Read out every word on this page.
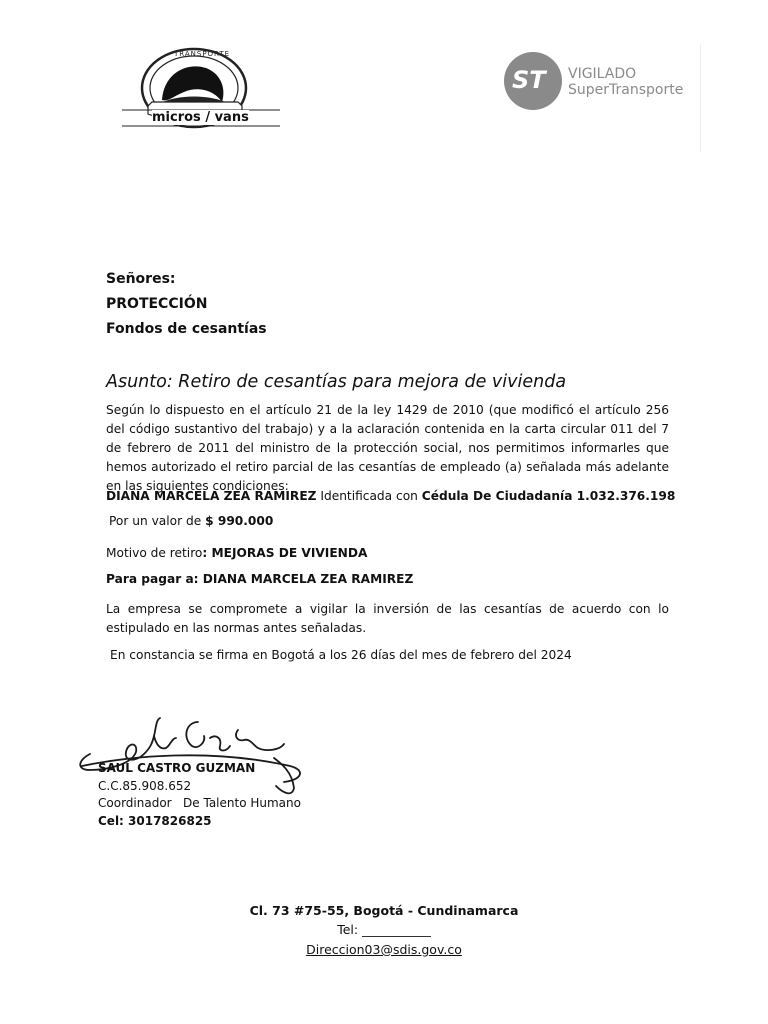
TRANSPORTE
micros / vans
ST VIGILADO
SuperTransporte
Señores:
PROTECCIÓN
Fondos de cesantías
Asunto: Retiro de cesantías para mejora de vivienda
Según lo dispuesto en el artículo 21 de la ley 1429 de 2010 (que modificó el artículo 256 del código sustantivo del trabajo) y a la aclaración contenida en la carta circular 011 del 7 de febrero de 2011 del ministro de la protección social, nos permitimos informarles que hemos autorizado el retiro parcial de las cesantías de empleado (a) señalada más adelante en las siguientes condiciones:
DIANA MARCELA ZEA RAMIREZ Identificada con Cédula De Ciudadanía 1.032.376.198
Por un valor de $ 990.000
Motivo de retiro: MEJORAS DE VIVIENDA
Para pagar a: DIANA MARCELA ZEA RAMIREZ
La empresa se compromete a vigilar la inversión de las cesantías de acuerdo con lo estipulado en las normas antes señaladas.
En constancia se firma en Bogotá a los 26 días del mes de febrero del 2024
SAUL CASTRO GUZMAN
C.C.85.908.652
Coordinador   De Talento Humano
Cel: 3017826825
Cl. 73 #75-55, Bogotá - Cundinamarca
Tel: ___________
Direccion03@sdis.gov.co
